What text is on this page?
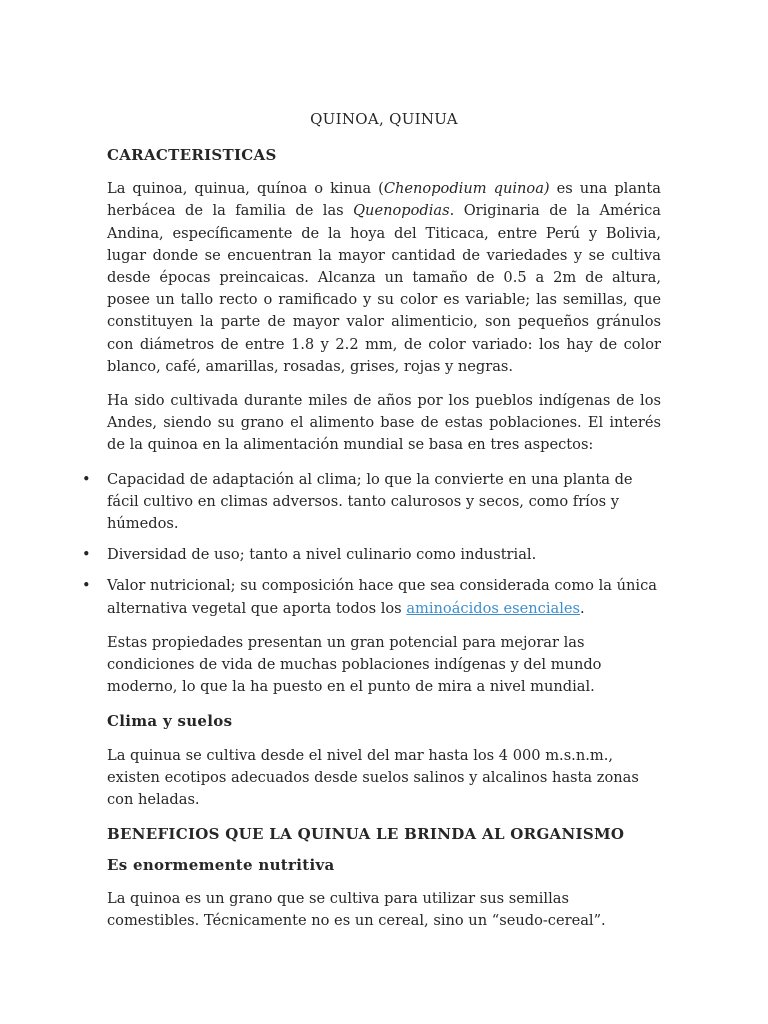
QUINOA, QUINUA
CARACTERISTICAS

La quinoa, quinua, quínoa o kinua (Chenopodium quinoa) es una planta herbácea de la familia de las Quenopodias. Originaria de la América Andina, específicamente de la hoya del Titicaca, entre Perú y Bolivia, lugar donde se encuentran la mayor cantidad de variedades y se cultiva desde épocas preincaicas. Alcanza un tamaño de 0.5 a 2m de altura, posee un tallo recto o ramificado y su color es variable; las semillas, que constituyen la parte de mayor valor alimenticio, son pequeños gránulos con diámetros de entre 1.8 y 2.2 mm, de color variado: los hay de color blanco, café, amarillas, rosadas, grises, rojas y negras.

Ha sido cultivada durante miles de años por los pueblos indígenas de los Andes, siendo su grano el alimento base de estas poblaciones. El interés de la quinoa en la alimentación mundial se basa en tres aspectos:

• Capacidad de adaptación al clima; lo que la convierte en una planta de fácil cultivo en climas adversos. tanto calurosos y secos, como fríos y húmedos.
• Diversidad de uso; tanto a nivel culinario como industrial.
• Valor nutricional; su composición hace que sea considerada como la única alternativa vegetal que aporta todos los aminoácidos esenciales.

Estas propiedades presentan un gran potencial para mejorar las condiciones de vida de muchas poblaciones indígenas y del mundo moderno, lo que la ha puesto en el punto de mira a nivel mundial.

Clima y suelos

La quinua se cultiva desde el nivel del mar hasta los 4 000 m.s.n.m., existen ecotipos adecuados desde suelos salinos y alcalinos hasta zonas con heladas.

BENEFICIOS QUE LA QUINUA LE BRINDA AL ORGANISMO
Es enormemente nutritiva

La quinoa es un grano que se cultiva para utilizar sus semillas comestibles. Técnicamente no es un cereal, sino un “seudo-cereal”.
